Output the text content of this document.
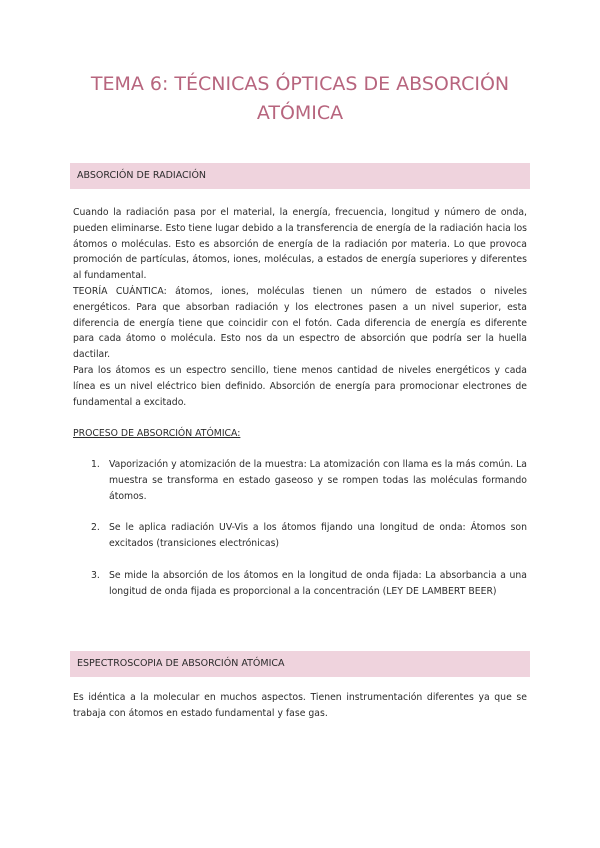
TEMA 6: TÉCNICAS ÓPTICAS DE ABSORCIÓN
ATÓMICA
ABSORCIÓN DE RADIACIÓN

Cuando la radiación pasa por el material, la energía, frecuencia, longitud y número de onda, pueden eliminarse. Esto tiene lugar debido a la transferencia de energía de la radiación hacia los átomos o moléculas. Esto es absorción de energía de la radiación por materia. Lo que provoca promoción de partículas, átomos, iones, moléculas, a estados de energía superiores y diferentes al fundamental.

TEORÍA CUÁNTICA: átomos, iones, moléculas tienen un número de estados o niveles energéticos. Para que absorban radiación y los electrones pasen a un nivel superior, esta diferencia de energía tiene que coincidir con el fotón. Cada diferencia de energía es diferente para cada átomo o molécula. Esto nos da un espectro de absorción que podría ser la huella dactilar.

Para los átomos es un espectro sencillo, tiene menos cantidad de niveles energéticos y cada línea es un nivel eléctrico bien definido. Absorción de energía para promocionar electrones de fundamental a excitado.

PROCESO DE ABSORCIÓN ATÓMICA:
1. Vaporización y atomización de la muestra: La atomización con llama es la más común. La muestra se transforma en estado gaseoso y se rompen todas las moléculas formando átomos.
2. Se le aplica radiación UV-Vis a los átomos fijando una longitud de onda: Átomos son excitados (transiciones electrónicas)
3. Se mide la absorción de los átomos en la longitud de onda fijada: La absorbancia a una longitud de onda fijada es proporcional a la concentración (LEY DE LAMBERT BEER)
ESPECTROSCOPIA DE ABSORCIÓN ATÓMICA

Es idéntica a la molecular en muchos aspectos. Tienen instrumentación diferentes ya que se trabaja con átomos en estado fundamental y fase gas.
